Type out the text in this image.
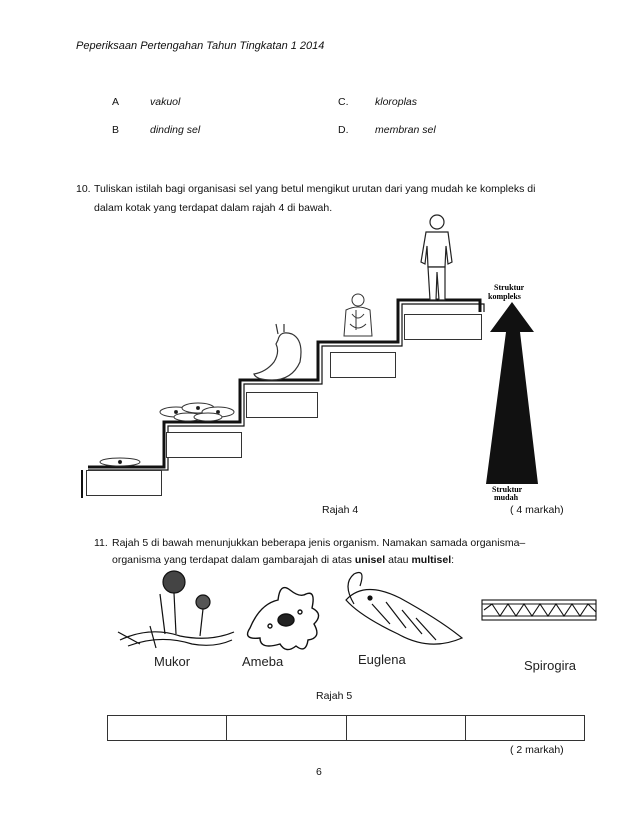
Peperiksaan Pertengahan Tahun Tingkatan 1 2014
A	vakuol
B	dinding sel
C.	kloroplas
D.	membran sel
10. Tuliskan istilah bagi organisasi sel yang betul mengikut urutan dari yang mudah ke kompleks di
dalam kotak yang terdapat dalam rajah 4 di bawah.
Struktur
kompleks
Struktur
mudah
Rajah 4	( 4 markah)
11. Rajah 5 di bawah menunjukkan beberapa jenis organism. Namakan samada organisma–
organisma yang terdapat dalam gambarajah di atas unisel atau multisel:
Mukor	Ameba	Euglena	Spirogira
Rajah 5

( 2 markah)
6
